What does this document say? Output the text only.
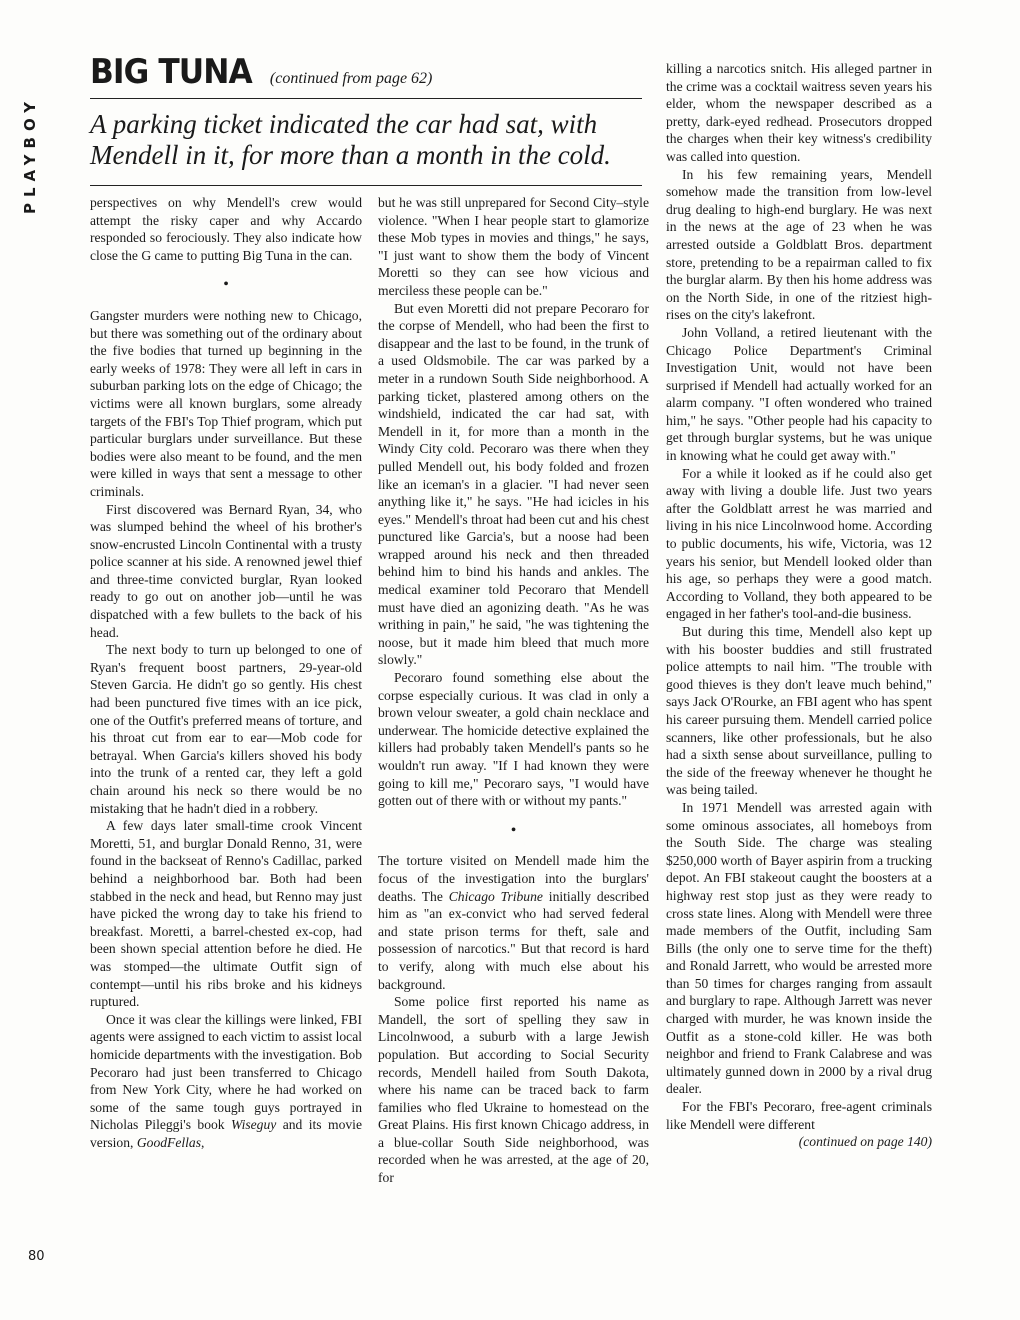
PLAYBOY
BIG TUNA (continued from page 62)
A parking ticket indicated the car had sat, with Mendell in it, for more than a month in the cold.

perspectives on why Mendell's crew would attempt the risky caper and why Accardo responded so ferociously. They also indicate how close the G came to putting Big Tuna in the can.

•

Gangster murders were nothing new to Chicago, but there was something out of the ordinary about the five bodies that turned up beginning in the early weeks of 1978: They were all left in cars in suburban parking lots on the edge of Chicago; the victims were all known burglars, some already targets of the FBI's Top Thief program, which put particular burglars under surveillance. But these bodies were also meant to be found, and the men were killed in ways that sent a message to other criminals.

First discovered was Bernard Ryan, 34, who was slumped behind the wheel of his brother's snow-encrusted Lincoln Continental with a trusty police scanner at his side. A renowned jewel thief and three-time convicted burglar, Ryan looked ready to go out on another job—until he was dispatched with a few bullets to the back of his head.

The next body to turn up belonged to one of Ryan's frequent boost partners, 29-year-old Steven Garcia. He didn't go so gently. His chest had been punctured five times with an ice pick, one of the Outfit's preferred means of torture, and his throat cut from ear to ear—Mob code for betrayal. When Garcia's killers shoved his body into the trunk of a rented car, they left a gold chain around his neck so there would be no mistaking that he hadn't died in a robbery.

A few days later small-time crook Vincent Moretti, 51, and burglar Donald Renno, 31, were found in the backseat of Renno's Cadillac, parked behind a neighborhood bar. Both had been stabbed in the neck and head, but Renno may just have picked the wrong day to take his friend to breakfast. Moretti, a barrel-chested ex-cop, had been shown special attention before he died. He was stomped—the ultimate Outfit sign of contempt—until his ribs broke and his kidneys ruptured.

Once it was clear the killings were linked, FBI agents were assigned to each victim to assist local homicide departments with the investigation. Bob Pecoraro had just been transferred to Chicago from New York City, where he had worked on some of the same tough guys portrayed in Nicholas Pileggi's book Wiseguy and its movie version, GoodFellas,

but he was still unprepared for Second City–style violence. "When I hear people start to glamorize these Mob types in movies and things," he says, "I just want to show them the body of Vincent Moretti so they can see how vicious and merciless these people can be."

But even Moretti did not prepare Pecoraro for the corpse of Mendell, who had been the first to disappear and the last to be found, in the trunk of a used Oldsmobile. The car was parked by a meter in a rundown South Side neighborhood. A parking ticket, plastered among others on the windshield, indicated the car had sat, with Mendell in it, for more than a month in the Windy City cold. Pecoraro was there when they pulled Mendell out, his body folded and frozen like an iceman's in a glacier. "I had never seen anything like it," he says. "He had icicles in his eyes." Mendell's throat had been cut and his chest punctured like Garcia's, but a noose had been wrapped around his neck and then threaded behind him to bind his hands and ankles. The medical examiner told Pecoraro that Mendell must have died an agonizing death. "As he was writhing in pain," he said, "he was tightening the noose, but it made him bleed that much more slowly."

Pecoraro found something else about the corpse especially curious. It was clad in only a brown velour sweater, a gold chain necklace and underwear. The homicide detective explained the killers had probably taken Mendell's pants so he wouldn't run away. "If I had known they were going to kill me," Pecoraro says, "I would have gotten out of there with or without my pants."

•

The torture visited on Mendell made him the focus of the investigation into the burglars' deaths. The Chicago Tribune initially described him as "an ex-convict who had served federal and state prison terms for theft, sale and possession of narcotics." But that record is hard to verify, along with much else about his background.

Some police first reported his name as Mandell, the sort of spelling they saw in Lincolnwood, a suburb with a large Jewish population. But according to Social Security records, Mendell hailed from South Dakota, where his name can be traced back to farm families who fled Ukraine to homestead on the Great Plains. His first known Chicago address, in a blue-collar South Side neighborhood, was recorded when he was arrested, at the age of 20, for

killing a narcotics snitch. His alleged partner in the crime was a cocktail waitress seven years his elder, whom the newspaper described as a pretty, dark-eyed redhead. Prosecutors dropped the charges when their key witness's credibility was called into question.

In his few remaining years, Mendell somehow made the transition from low-level drug dealing to high-end burglary. He was next in the news at the age of 23 when he was arrested outside a Goldblatt Bros. department store, pretending to be a repairman called to fix the burglar alarm. By then his home address was on the North Side, in one of the ritziest high-rises on the city's lakefront.

John Volland, a retired lieutenant with the Chicago Police Department's Criminal Investigation Unit, would not have been surprised if Mendell had actually worked for an alarm company. "I often wondered who trained him," he says. "Other people had his capacity to get through burglar systems, but he was unique in knowing what he could get away with."

For a while it looked as if he could also get away with living a double life. Just two years after the Goldblatt arrest he was married and living in his nice Lincolnwood home. According to public documents, his wife, Victoria, was 12 years his senior, but Mendell looked older than his age, so perhaps they were a good match. According to Volland, they both appeared to be engaged in her father's tool-and-die business.

But during this time, Mendell also kept up with his booster buddies and still frustrated police attempts to nail him. "The trouble with good thieves is they don't leave much behind," says Jack O'Rourke, an FBI agent who has spent his career pursuing them. Mendell carried police scanners, like other professionals, but he also had a sixth sense about surveillance, pulling to the side of the freeway whenever he thought he was being tailed.

In 1971 Mendell was arrested again with some ominous associates, all homeboys from the South Side. The charge was stealing $250,000 worth of Bayer aspirin from a trucking depot. An FBI stakeout caught the boosters at a highway rest stop just as they were ready to cross state lines. Along with Mendell were three made members of the Outfit, including Sam Bills (the only one to serve time for the theft) and Ronald Jarrett, who would be arrested more than 50 times for charges ranging from assault and burglary to rape. Although Jarrett was never charged with murder, he was known inside the Outfit as a stone-cold killer. He was both neighbor and friend to Frank Calabrese and was ultimately gunned down in 2000 by a rival drug dealer.

For the FBI's Pecoraro, free-agent criminals like Mendell were different

(continued on page 140)

80
